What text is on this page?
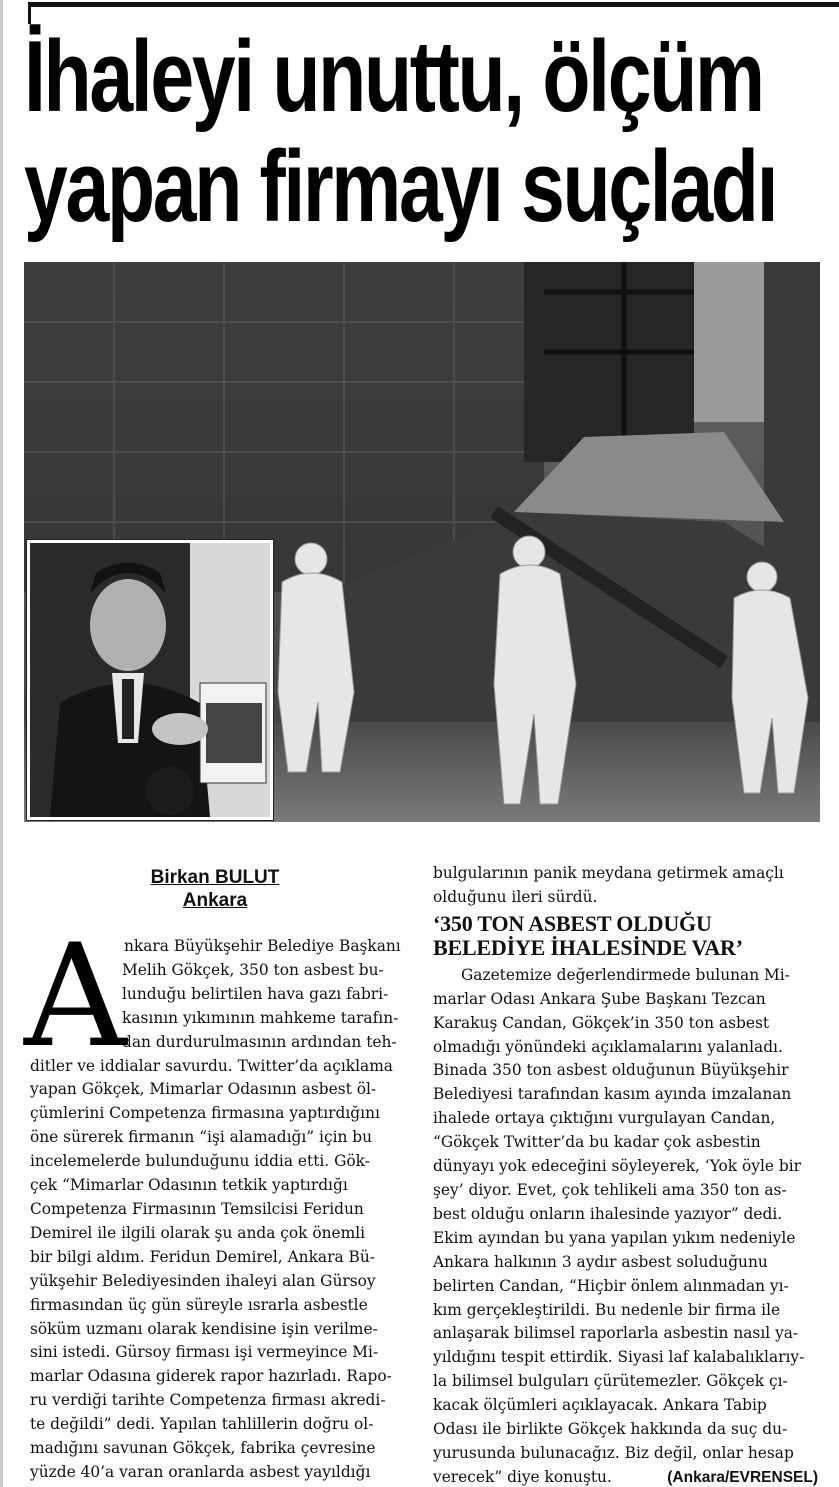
İhaleyi unuttu, ölçüm
yapan firmayı suçladı
Birkan BULUT
Ankara
A
nkara Büyükşehir Belediye Başkanı
Melih Gökçek, 350 ton asbest bu-
lunduğu belirtilen hava gazı fabri-
kasının yıkımının mahkeme tarafın-
dan durdurulmasının ardından teh-
ditler ve iddialar savurdu. Twitter’da açıklama
yapan Gökçek, Mimarlar Odasının asbest öl-
çümlerini Competenza firmasına yaptırdığını
öne sürerek firmanın “işi alamadığı” için bu
incelemelerde bulunduğunu iddia etti. Gök-
çek “Mimarlar Odasının tetkik yaptırdığı
Competenza Firmasının Temsilcisi Feridun
Demirel ile ilgili olarak şu anda çok önemli
bir bilgi aldım. Feridun Demirel, Ankara Bü-
yükşehir Belediyesinden ihaleyi alan Gürsoy
firmasından üç gün süreyle ısrarla asbestle
söküm uzmanı olarak kendisine işin verilme-
sini istedi. Gürsoy firması işi vermeyince Mi-
marlar Odasına giderek rapor hazırladı. Rapo-
ru verdiği tarihte Competenza firması akredi-
te değildi” dedi. Yapılan tahlillerin doğru ol-
madığını savunan Gökçek, fabrika çevresine
yüzde 40’a varan oranlarda asbest yayıldığı
bulgularının panik meydana getirmek amaçlı
olduğunu ileri sürdü.
‘350 TON ASBEST OLDUĞU
BELEDİYE İHALESİNDE VAR’
Gazetemize değerlendirmede bulunan Mi-
marlar Odası Ankara Şube Başkanı Tezcan
Karakuş Candan, Gökçek’in 350 ton asbest
olmadığı yönündeki açıklamalarını yalanladı.
Binada 350 ton asbest olduğunun Büyükşehir
Belediyesi tarafından kasım ayında imzalanan
ihalede ortaya çıktığını vurgulayan Candan,
“Gökçek Twitter’da bu kadar çok asbestin
dünyayı yok edeceğini söyleyerek, ‘Yok öyle bir
şey’ diyor. Evet, çok tehlikeli ama 350 ton as-
best olduğu onların ihalesinde yazıyor” dedi.
Ekim ayından bu yana yapılan yıkım nedeniyle
Ankara halkının 3 aydır asbest soluduğunu
belirten Candan, “Hiçbir önlem alınmadan yı-
kım gerçekleştirildi. Bu nedenle bir firma ile
anlaşarak bilimsel raporlarla asbestin nasıl ya-
yıldığını tespit ettirdik. Siyasi laf kalabalıklarıy-
la bilimsel bulguları çürütemezler. Gökçek çı-
kacak ölçümleri açıklayacak. Ankara Tabip
Odası ile birlikte Gökçek hakkında da suç du-
yurusunda bulunacağız. Biz değil, onlar hesap
verecek” diye konuştu.	(Ankara/EVRENSEL)
